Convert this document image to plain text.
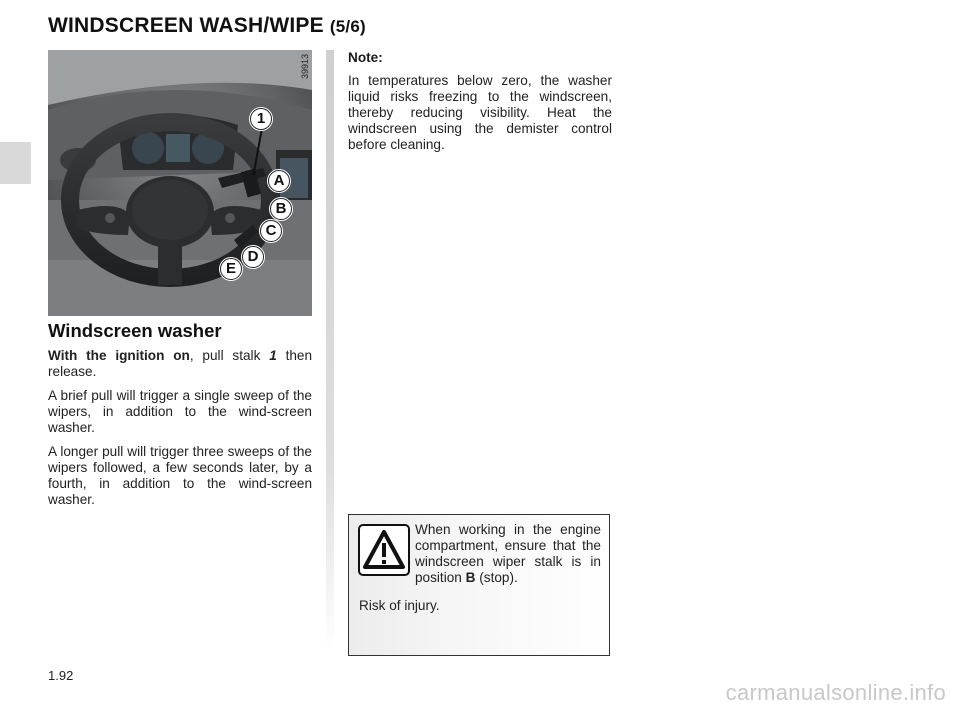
WINDSCREEN WASH/WIPE (5/6)
39913
1
A
B
C
D
E
Windscreen washer

With the ignition on, pull stalk 1 then release.

A brief pull will trigger a single sweep of the wipers, in addition to the wind-screen washer.

A longer pull will trigger three sweeps of the wipers followed, a few seconds later, by a fourth, in addition to the wind-screen washer.

Note:

In temperatures below zero, the washer liquid risks freezing to the windscreen, thereby reducing visibility. Heat the windscreen using the demister control before cleaning.

When working in the engine compartment, ensure that the windscreen wiper stalk is in position B (stop).
Risk of injury.
1.92
carmanualsonline.info
